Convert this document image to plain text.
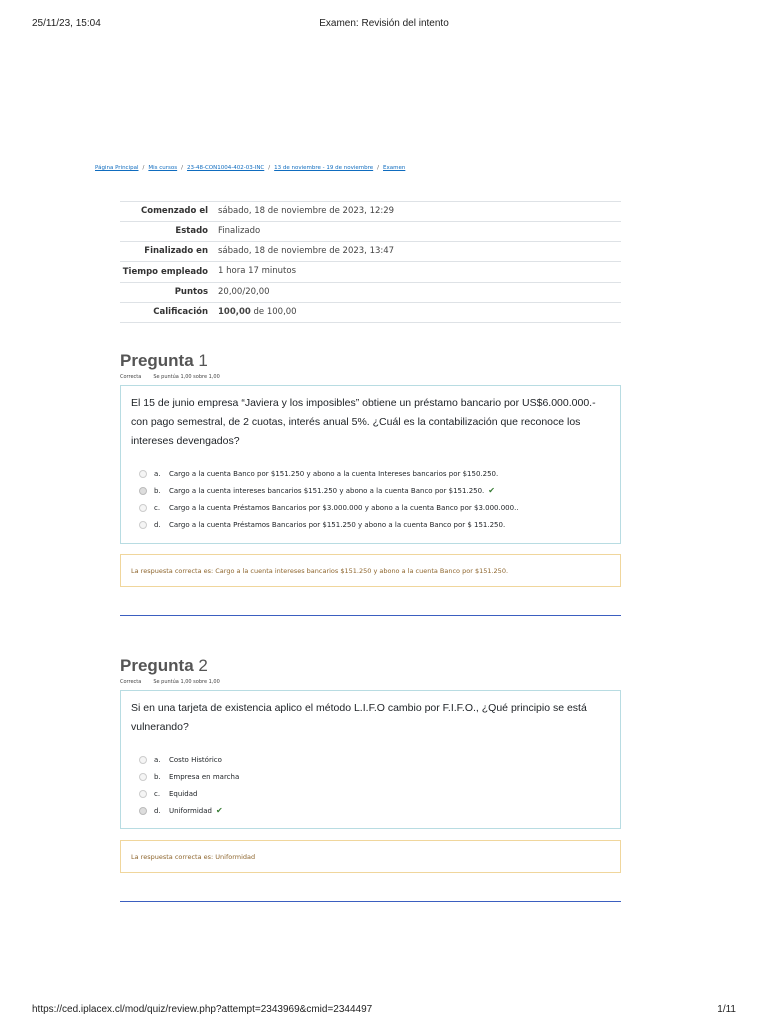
25/11/23, 15:04	Examen: Revisión del intento
Página Principal / Mis cursos / 23-48-CON1004-402-03-INC / 13 de noviembre - 19 de noviembre / Examen
Comenzado el	sábado, 18 de noviembre de 2023, 12:29
Estado	Finalizado
Finalizado en	sábado, 18 de noviembre de 2023, 13:47
Tiempo empleado	1 hora 17 minutos
Puntos	20,00/20,00
Calificación	100,00 de 100,00
Pregunta 1
Correcta Se puntúa 1,00 sobre 1,00
El 15 de junio empresa “Javiera y los imposibles” obtiene un préstamo bancario por US$6.000.000.- con pago semestral, de 2 cuotas, interés anual 5%. ¿Cuál es la contabilización que reconoce los intereses devengados?
a.	Cargo a la cuenta Banco por $151.250 y abono a la cuenta Intereses bancarios por $150.250.
b.	Cargo a la cuenta intereses bancarios $151.250 y abono a la cuenta Banco por $151.250. ✔
c.	Cargo a la cuenta Préstamos Bancarios por $3.000.000 y abono a la cuenta Banco por $3.000.000..
d.	Cargo a la cuenta Préstamos Bancarios por $151.250 y abono a la cuenta Banco por $ 151.250.
La respuesta correcta es: Cargo a la cuenta intereses bancarios $151.250 y abono a la cuenta Banco por $151.250.
Pregunta 2
Correcta Se puntúa 1,00 sobre 1,00
Si en una tarjeta de existencia aplico el método L.I.F.O cambio por F.I.F.O., ¿Qué principio se está vulnerando?
a.	Costo Histórico
b.	Empresa en marcha
c.	Equidad
d.	Uniformidad ✔
La respuesta correcta es: Uniformidad
https://ced.iplacex.cl/mod/quiz/review.php?attempt=2343969&cmid=2344497	1/11
